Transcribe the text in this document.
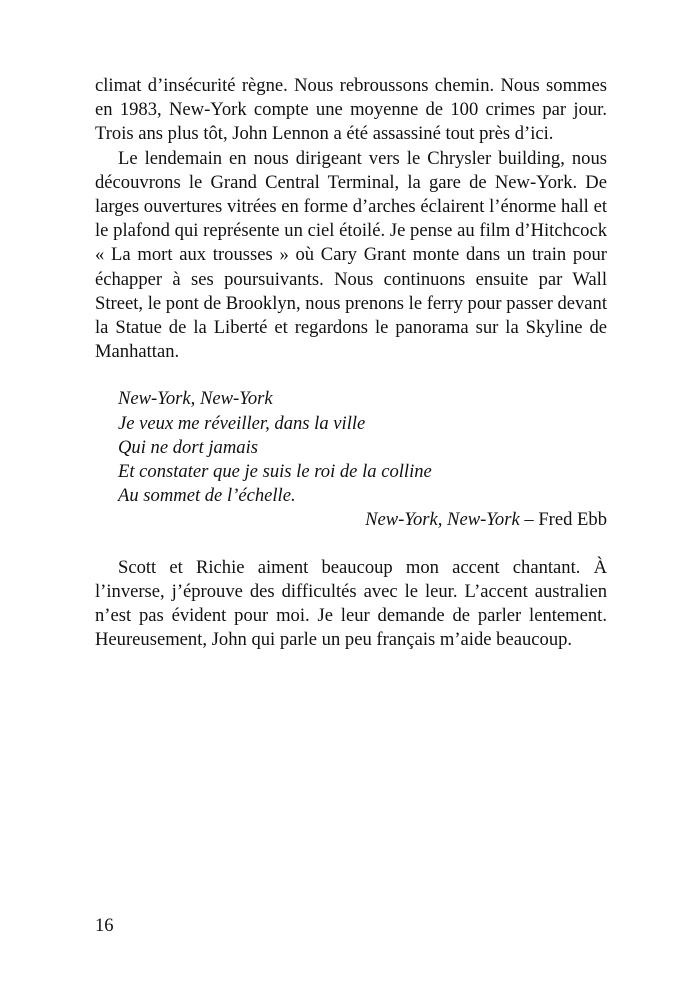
climat d’insécurité règne. Nous rebroussons chemin. Nous sommes en 1983, New-York compte une moyenne de 100 crimes par jour. Trois ans plus tôt, John Lennon a été assassiné tout près d’ici.

Le lendemain en nous dirigeant vers le Chrysler building, nous découvrons le Grand Central Terminal, la gare de New-York. De larges ouvertures vitrées en forme d’arches éclairent l’énorme hall et le plafond qui représente un ciel étoilé. Je pense au film d’Hitchcock « La mort aux trousses » où Cary Grant monte dans un train pour échapper à ses poursuivants. Nous continuons ensuite par Wall Street, le pont de Brooklyn, nous prenons le ferry pour passer devant la Statue de la Liberté et regardons le panorama sur la Skyline de Manhattan.

New-York, New-York
Je veux me réveiller, dans la ville
Qui ne dort jamais
Et constater que je suis le roi de la colline
Au sommet de l’échelle.
New-York, New-York – Fred Ebb

Scott et Richie aiment beaucoup mon accent chantant. À l’inverse, j’éprouve des difficultés avec le leur. L’accent australien n’est pas évident pour moi. Je leur demande de parler lentement. Heureusement, John qui parle un peu français m’aide beaucoup.

16
